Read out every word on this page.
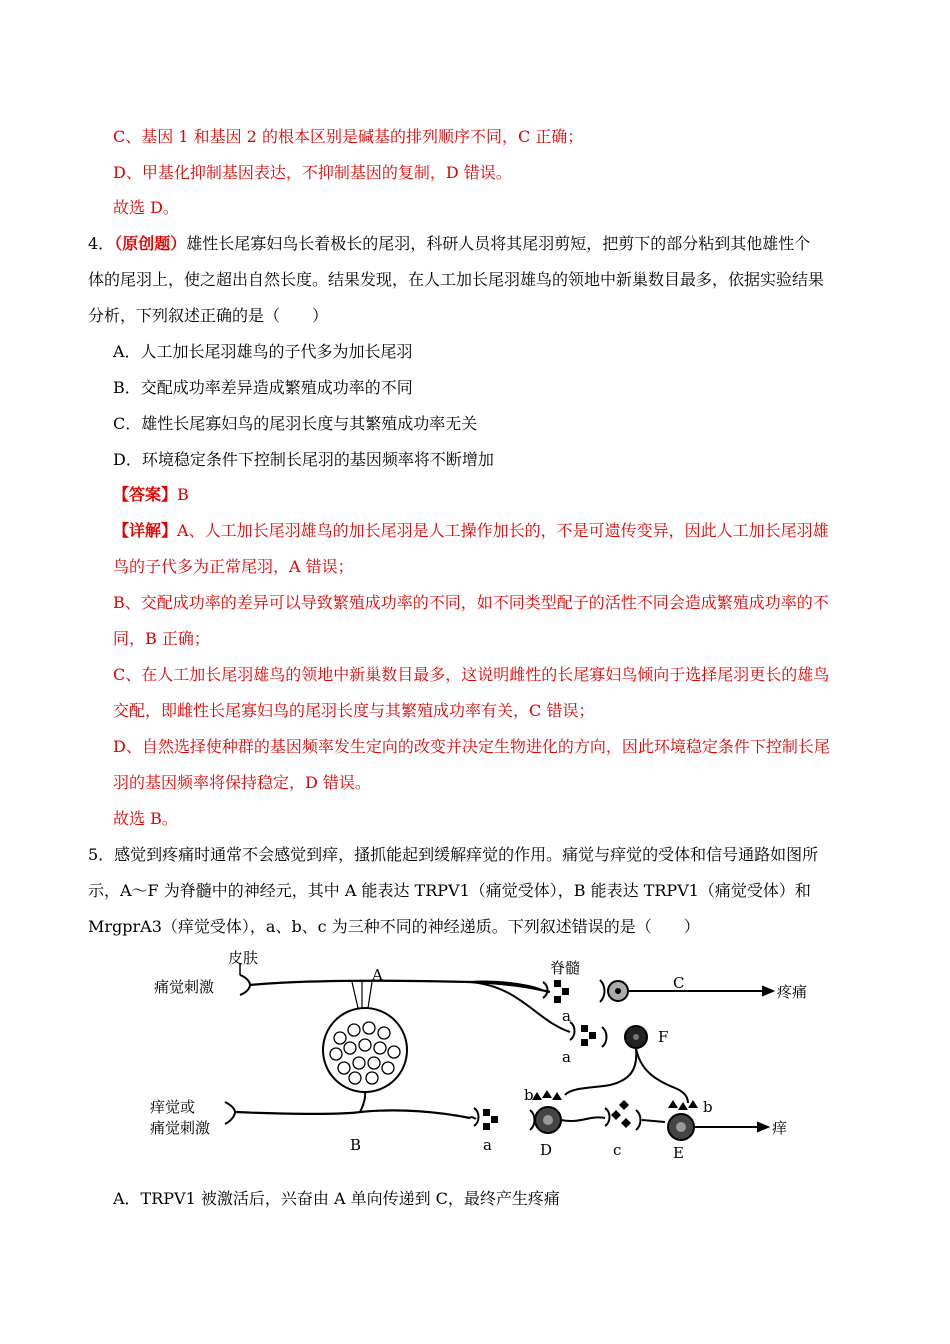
C、基因 1 和基因 2 的根本区别是碱基的排列顺序不同，C 正确；
D、甲基化抑制基因表达，不抑制基因的复制，D 错误。
故选 D。
4．（原创题）雄性长尾寡妇鸟长着极长的尾羽，科研人员将其尾羽剪短，把剪下的部分粘到其他雄性个
体的尾羽上，使之超出自然长度。结果发现，在人工加长尾羽雄鸟的领地中新巢数目最多，依据实验结果
分析，下列叙述正确的是（　　）
A．人工加长尾羽雄鸟的子代多为加长尾羽
B．交配成功率差异造成繁殖成功率的不同
C．雄性长尾寡妇鸟的尾羽长度与其繁殖成功率无关
D．环境稳定条件下控制长尾羽的基因频率将不断增加
【答案】B
【详解】A、人工加长尾羽雄鸟的加长尾羽是人工操作加长的，不是可遗传变异，因此人工加长尾羽雄
鸟的子代多为正常尾羽，A 错误；
B、交配成功率的差异可以导致繁殖成功率的不同，如不同类型配子的活性不同会造成繁殖成功率的不
同，B 正确；
C、在人工加长尾羽雄鸟的领地中新巢数目最多，这说明雌性的长尾寡妇鸟倾向于选择尾羽更长的雄鸟
交配，即雌性长尾寡妇鸟的尾羽长度与其繁殖成功率有关，C 错误；
D、自然选择使种群的基因频率发生定向的改变并决定生物进化的方向，因此环境稳定条件下控制长尾
羽的基因频率将保持稳定，D 错误。
故选 B。
5．感觉到疼痛时通常不会感觉到痒，搔抓能起到缓解痒觉的作用。痛觉与痒觉的受体和信号通路如图所
示，A～F 为脊髓中的神经元，其中 A 能表达 TRPV1（痛觉受体），B 能表达 TRPV1（痛觉受体）和
MrgprA3（痒觉受体），a、b、c 为三种不同的神经递质。下列叙述错误的是（　　）
皮肤
痛觉刺激
A	脊髓
C	疼痛
a
a
F
痒觉或
痛觉刺激
B	a
b
D	c
b
E
痒
A．TRPV1 被激活后，兴奋由 A 单向传递到 C，最终产生疼痛
